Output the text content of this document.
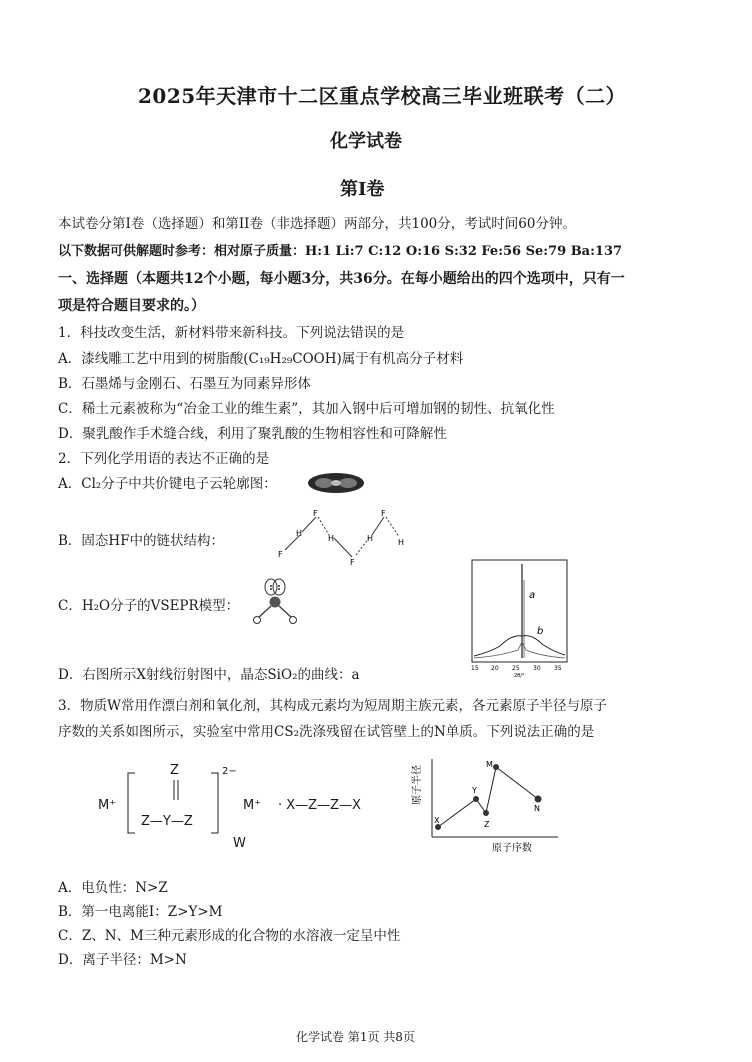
2025年天津市十二区重点学校高三毕业班联考（二）
化学试卷
第I卷
本试卷分第I卷（选择题）和第II卷（非选择题）两部分，共100分，考试时间60分钟。
以下数据可供解题时参考：相对原子质量：H:1 Li:7 C:12 O:16 S:32 Fe:56 Se:79 Ba:137
一、选择题（本题共12个小题，每小题3分，共36分。在每小题给出的四个选项中，只有一
项是符合题目要求的。）
1．科技改变生活，新材料带来新科技。下列说法错误的是
A．漆线雕工艺中用到的树脂酸(C₁₉H₂₉COOH)属于有机高分子材料
B．石墨烯与金刚石、石墨互为同素异形体
C．稀土元素被称为“冶金工业的维生素”，其加入钢中后可增加钢的韧性、抗氧化性
D．聚乳酸作手术缝合线，利用了聚乳酸的生物相容性和可降解性
2．下列化学用语的表达不正确的是
A．Cl₂分子中共价键电子云轮廓图：
B．固态HF中的链状结构：
F
H
F
H
F
H
F
H
C．H₂O分子的VSEPR模型：
a
b
15 20 25 30 35
2θ/°
D．右图所示X射线衍射图中，晶态SiO₂的曲线：a
3．物质W常用作漂白剂和氧化剂，其构成元素均为短周期主族元素，各元素原子半径与原子
序数的关系如图所示，实验室中常用CS₂洗涤残留在试管壁上的N单质。下列说法正确的是
M⁺
Z
Z—Y—Z
2−
M⁺ · X—Z—Z—X
W
X
Y
Z
M
N
原子半径
原子序数
A．电负性：N>Z
B．第一电离能I：Z>Y>M
C．Z、N、M三种元素形成的化合物的水溶液一定呈中性
D．离子半径：M>N
化学试卷 第1页 共8页
